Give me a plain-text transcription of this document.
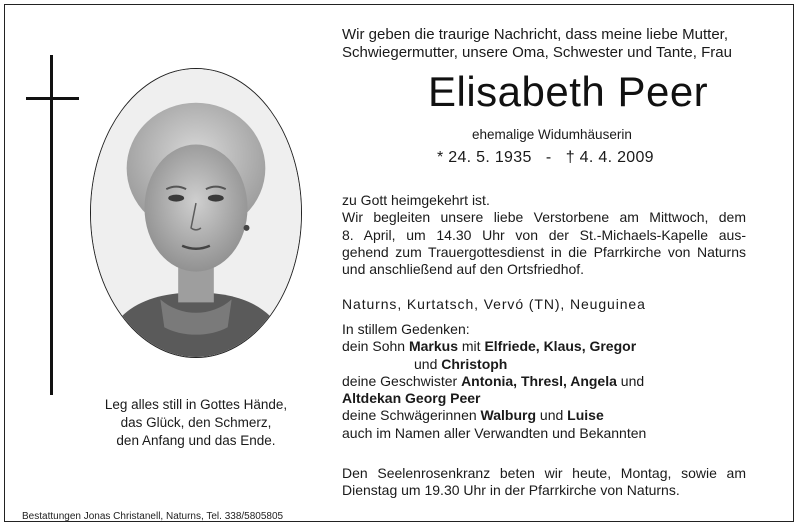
Leg alles still in Gottes Hände,
das Glück, den Schmerz,
den Anfang und das Ende.
Bestattungen Jonas Christanell, Naturns, Tel. 338/5805805
Wir geben die traurige Nachricht, dass meine liebe Mutter,
Schwiegermutter, unsere Oma, Schwester und Tante, Frau
Elisabeth Peer
ehemalige Widumhäuserin
* 24. 5. 1935   -   † 4. 4. 2009
zu Gott heimgekehrt ist.
Wir begleiten unsere liebe Verstorbene am Mittwoch, dem
8. April, um 14.30 Uhr von der St.-Michaels-Kapelle aus-
gehend zum Trauergottesdienst in die Pfarrkirche von Naturns
und anschließend auf den Ortsfriedhof.
Naturns, Kurtatsch, Vervó (TN), Neuguinea
In stillem Gedenken:
dein Sohn Markus mit Elfriede, Klaus, Gregor
und Christoph
deine Geschwister Antonia, Thresl, Angela und
Altdekan Georg Peer
deine Schwägerinnen Walburg und Luise
auch im Namen aller Verwandten und Bekannten
Den Seelenrosenkranz beten wir heute, Montag, sowie am
Dienstag um 19.30 Uhr in der Pfarrkirche von Naturns.
